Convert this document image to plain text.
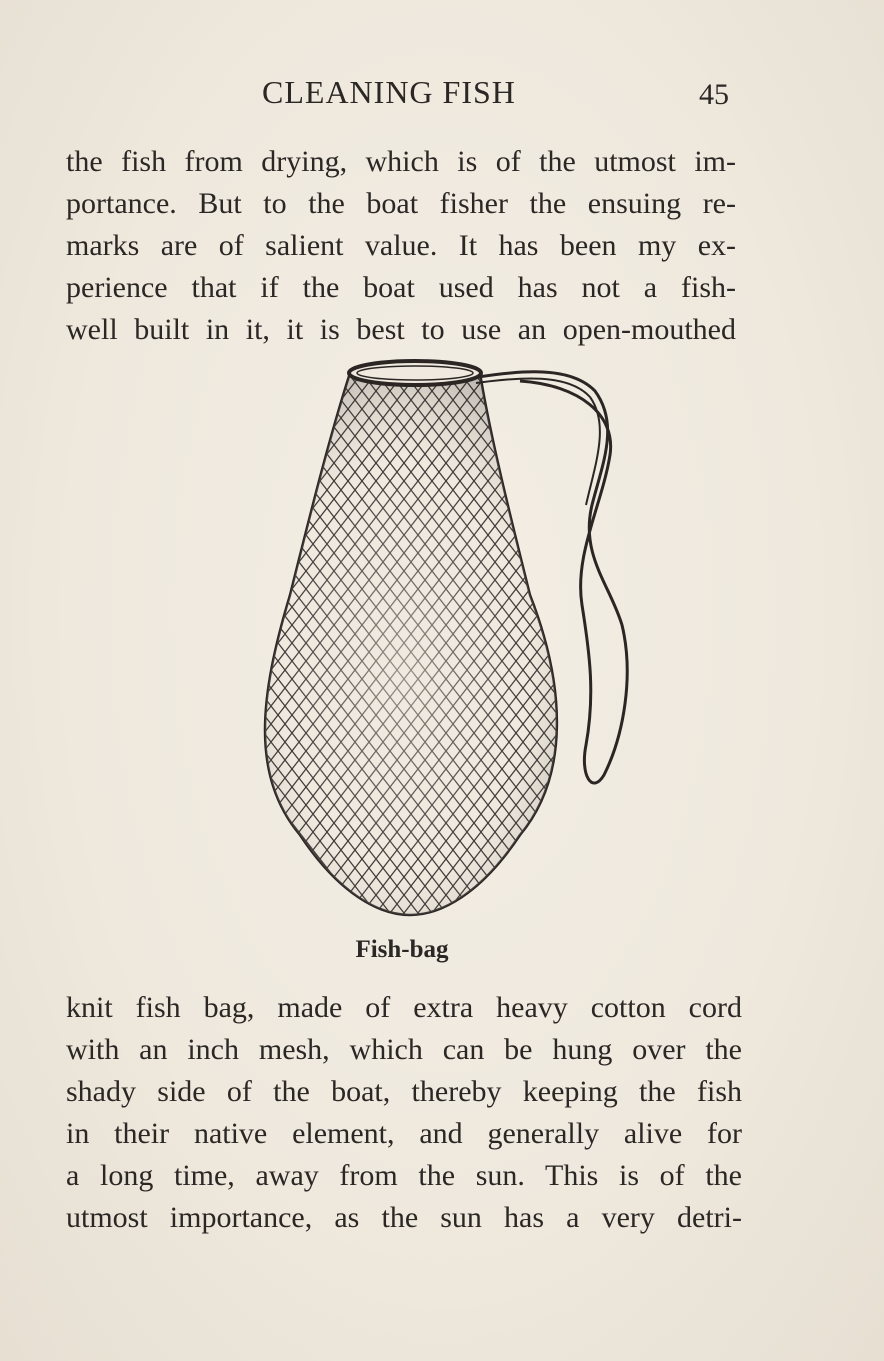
CLEANING FISH	45
the fish from drying, which is of the utmost im-
portance. But to the boat fisher the ensuing re-
marks are of salient value. It has been my ex-
perience that if the boat used has not a fish-
well built in it, it is best to use an open-mouthed
Fish-bag
knit fish bag, made of extra heavy cotton cord
with an inch mesh, which can be hung over the
shady side of the boat, thereby keeping the fish
in their native element, and generally alive for
a long time, away from the sun. This is of the
utmost importance, as the sun has a very detri-
